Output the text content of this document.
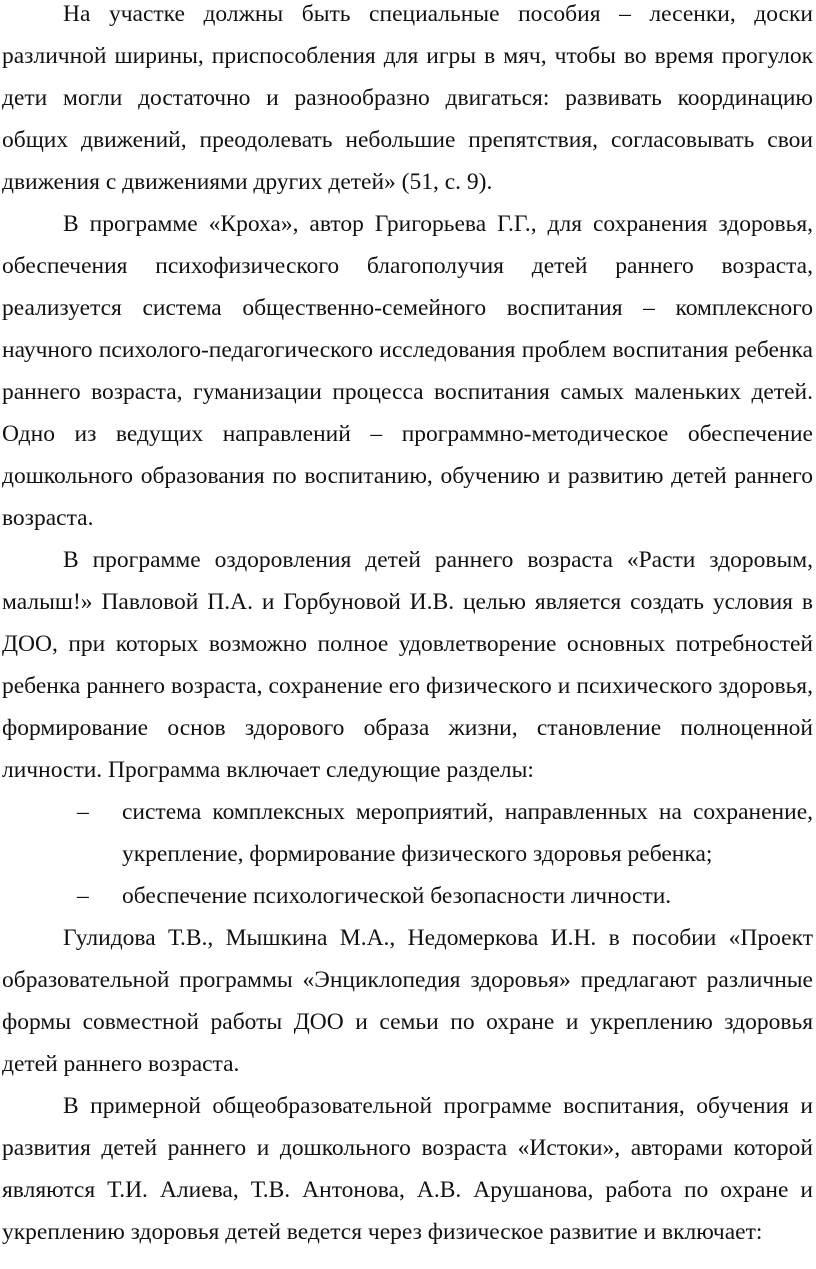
На участке должны быть специальные пособия – лесенки, доски различной ширины, приспособления для игры в мяч, чтобы во время прогулок дети могли достаточно и разнообразно двигаться: развивать координацию общих движений, преодолевать небольшие препятствия, согласовывать свои движения с движениями других детей» (51, с. 9).

В программе «Кроха», автор Григорьева Г.Г., для сохранения здоровья, обеспечения психофизического благополучия детей раннего возраста, реализуется система общественно-семейного воспитания – комплексного научного психолого-педагогического исследования проблем воспитания ребенка раннего возраста, гуманизации процесса воспитания самых маленьких детей. Одно из ведущих направлений – программно-методическое обеспечение дошкольного образования по воспитанию, обучению и развитию детей раннего возраста.

В программе оздоровления детей раннего возраста «Расти здоровым, малыш!» Павловой П.А. и Горбуновой И.В. целью является создать условия в ДОО, при которых возможно полное удовлетворение основных потребностей ребенка раннего возраста, сохранение его физического и психического здоровья, формирование основ здорового образа жизни, становление полноценной личности. Программа включает следующие разделы:

– система комплексных мероприятий, направленных на сохранение, укрепление, формирование физического здоровья ребенка;
– обеспечение психологической безопасности личности.

Гулидова Т.В., Мышкина М.А., Недомеркова И.Н. в пособии «Проект образовательной программы «Энциклопедия здоровья» предлагают различные формы совместной работы ДОО и семьи по охране и укреплению здоровья детей раннего возраста.

В примерной общеобразовательной программе воспитания, обучения и развития детей раннего и дошкольного возраста «Истоки», авторами которой являются Т.И. Алиева, Т.В. Антонова, А.В. Арушанова, работа по охране и укреплению здоровья детей ведется через физическое развитие и включает:
